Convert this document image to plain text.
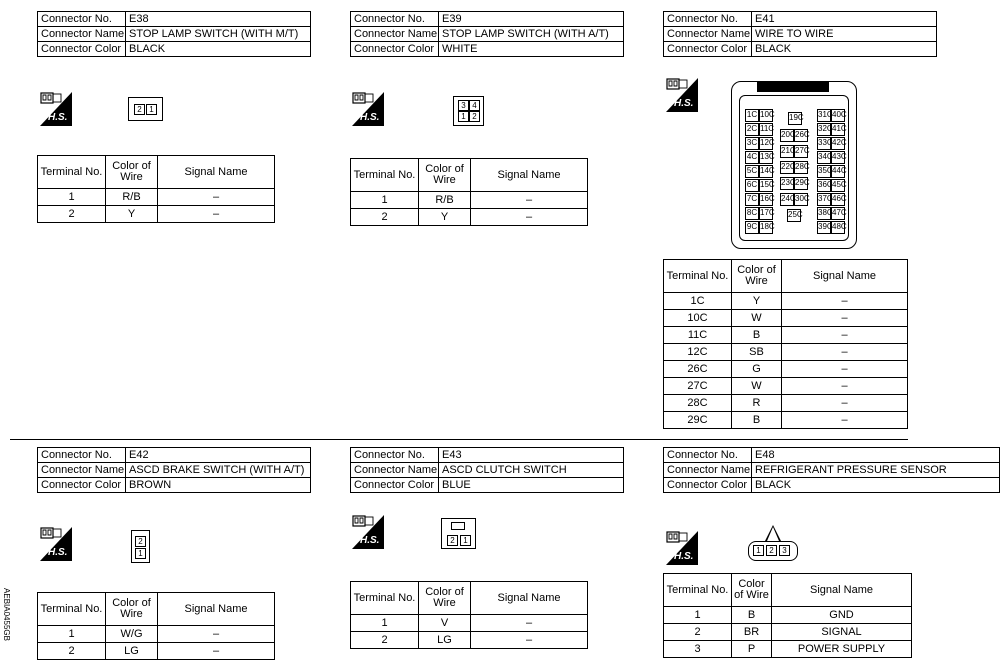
AEBIA0455GB
Connector No.	E38
Connector Name	STOP LAMP SWITCH (WITH M/T)
Connector Color	BLACK
Connector No.	E39
Connector Name	STOP LAMP SWITCH (WITH A/T)
Connector Color	WHITE
Connector No.	E41
Connector Name	WIRE TO WIRE
Connector Color	BLACK
Connector No.	E42
Connector Name	ASCD BRAKE SWITCH (WITH A/T)
Connector Color	BROWN
Connector No.	E43
Connector Name	ASCD CLUTCH SWITCH
Connector Color	BLUE
Connector No.	E48
Connector Name	REFRIGERANT PRESSURE SENSOR
Connector Color	BLACK
H.S.	H.S.
H.S.
H.S.
H.S.
H.S.
2 1	3 4
1 2
2
1
2	1
1	2	3
1C 10C	31C 40C
2C 11C	32C 41C
3C 12C	33C 42C
4C 13C	34C 43C
5C 14C	35C 44C
6C 15C	36C 45C
7C 16C	37C 46C
8C 17C	38C 47C
9C 18C	39C 48C
19C
20C 26C
21C 27C
22C 28C
23C 29C
24C 30C
25C
Terminal No.	Color of Wire	Signal Name
1	R/B	–
2	Y	–
Terminal No.	Color of Wire	Signal Name
1	R/B	–
2	Y	–
Terminal No.	Color of Wire	Signal Name
1C	Y	–
10C	W	–
11C	B	–
12C	SB	–
26C	G	–
27C	W	–
28C	R	–
29C	B	–
Terminal No.	Color of Wire	Signal Name
1	W/G	–
2	LG	–
Terminal No.	Color of Wire	Signal Name
1	V	–
2	LG	–
Terminal No.	Color of Wire	Signal Name
1	B	GND
2	BR	SIGNAL
3	P	POWER SUPPLY
